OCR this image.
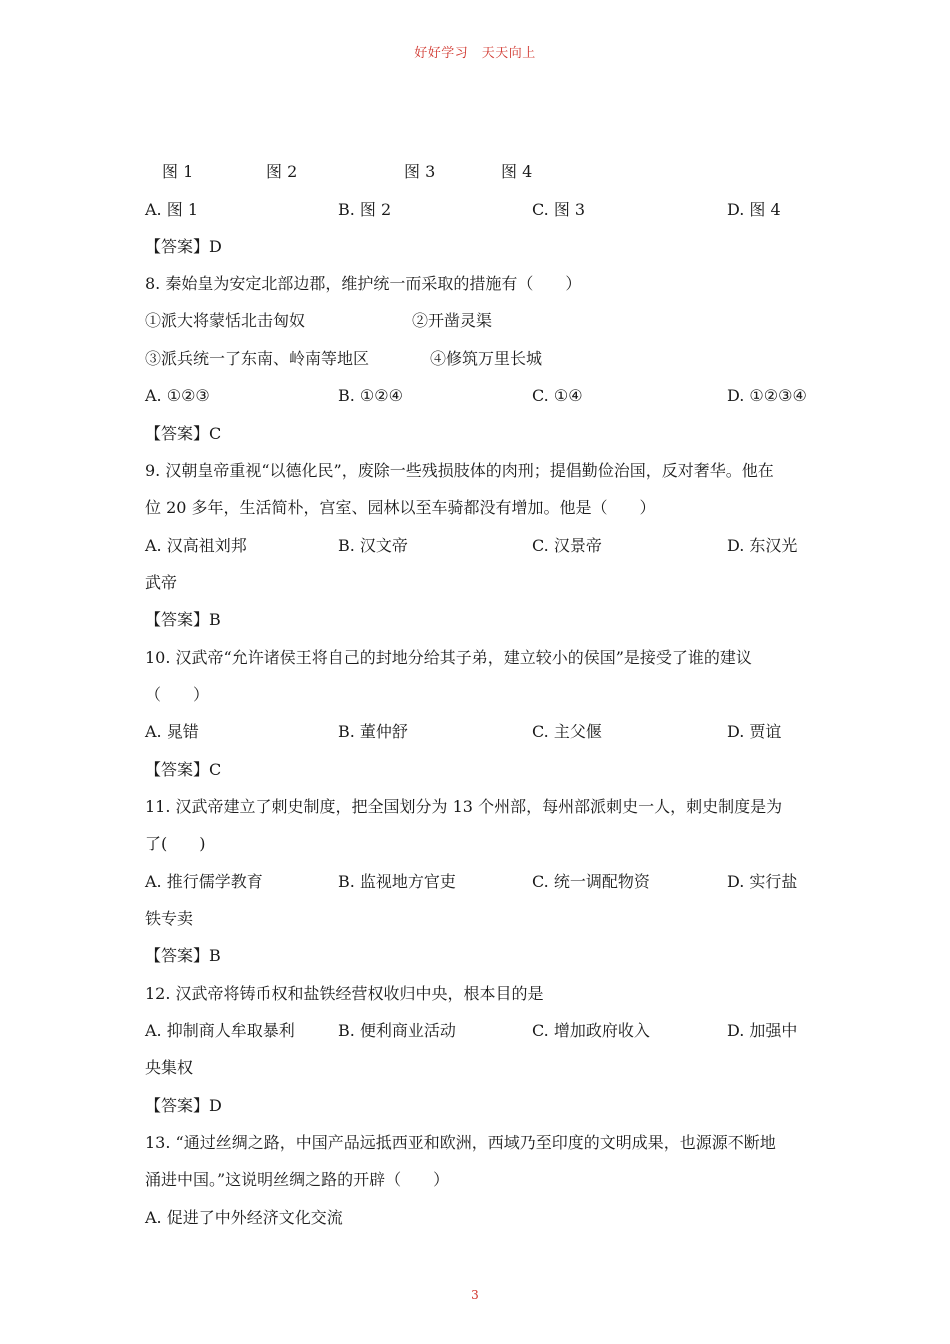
好好学习　天天向上
图 1	图 2	图 3	图 4
A. 图 1	B. 图 2	C. 图 3	D. 图 4
【答案】D
8. 秦始皇为安定北部边郡，维护统一而采取的措施有（　　）
①派大将蒙恬北击匈奴	②开凿灵渠
③派兵统一了东南、岭南等地区	④修筑万里长城
A. ①②③	B. ①②④	C. ①④	D. ①②③④
【答案】C
9. 汉朝皇帝重视“以德化民”，废除一些残损肢体的肉刑；提倡勤俭治国，反对奢华。他在
位 20 多年，生活简朴，宫室、园林以至车骑都没有增加。他是（　　）
A. 汉高祖刘邦	B. 汉文帝	C. 汉景帝	D. 东汉光
武帝
【答案】B
10. 汉武帝“允许诸侯王将自己的封地分给其子弟，建立较小的侯国”是接受了谁的建议
（　　）
A. 晁错	B. 董仲舒	C. 主父偃	D. 贾谊
【答案】C
11. 汉武帝建立了刺史制度，把全国划分为 13 个州部，每州部派刺史一人，刺史制度是为
了(　　)
A. 推行儒学教育	B. 监视地方官吏	C. 统一调配物资	D. 实行盐
铁专卖
【答案】B
12. 汉武帝将铸币权和盐铁经营权收归中央，根本目的是
A. 抑制商人牟取暴利	B. 便利商业活动	C. 增加政府收入	D. 加强中
央集权
【答案】D
13. “通过丝绸之路，中国产品远抵西亚和欧洲，西域乃至印度的文明成果，也源源不断地
涌进中国。”这说明丝绸之路的开辟（　　）
A. 促进了中外经济文化交流
3
